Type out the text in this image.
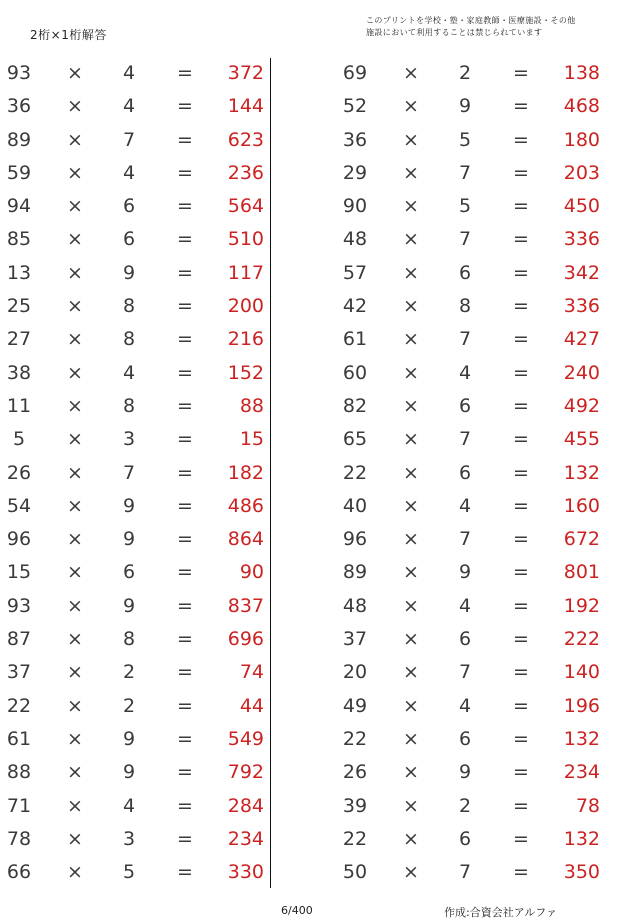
2桁×1桁解答
このプリントを学校・塾・家庭教師・医療施設・その他
施設において利用することは禁じられています
93 × 4 =	372
36 × 4 =	144
89 × 7 =	623
59 × 4 =	236
94 × 6 =	564
85 × 6 =	510
13 × 9 =	117
25 × 8 =	200
27 × 8 =	216
38 × 4 =	152
11 × 8 =	88
5	× 3 =	15
26 × 7 =	182
54 × 9 =	486
96 × 9 =	864
15 × 6 =	90
93 × 9 =	837
87 × 8 =	696
37 × 2 =	74
22 × 2 =	44
61 × 9 =	549
88 × 9 =	792
71 × 4 =	284
78 × 3 =	234
66 × 5 =	330
69 × 2 =	138
52 × 9 =	468
36 × 5 =	180
29 × 7 =	203
90 × 5 =	450
48 × 7 =	336
57 × 6 =	342
42 × 8 =	336
61 × 7 =	427
60 × 4 =	240
82 × 6 =	492
65 × 7 =	455
22 × 6 =	132
40 × 4 =	160
96 × 7 =	672
89 × 9 =	801
48 × 4 =	192
37 × 6 =	222
20 × 7 =	140
49 × 4 =	196
22 × 6 =	132
26 × 9 =	234
39 × 2 =	78
22 × 6 =	132
50 × 7 =	350
6/400	作成:合資会社アルファ
